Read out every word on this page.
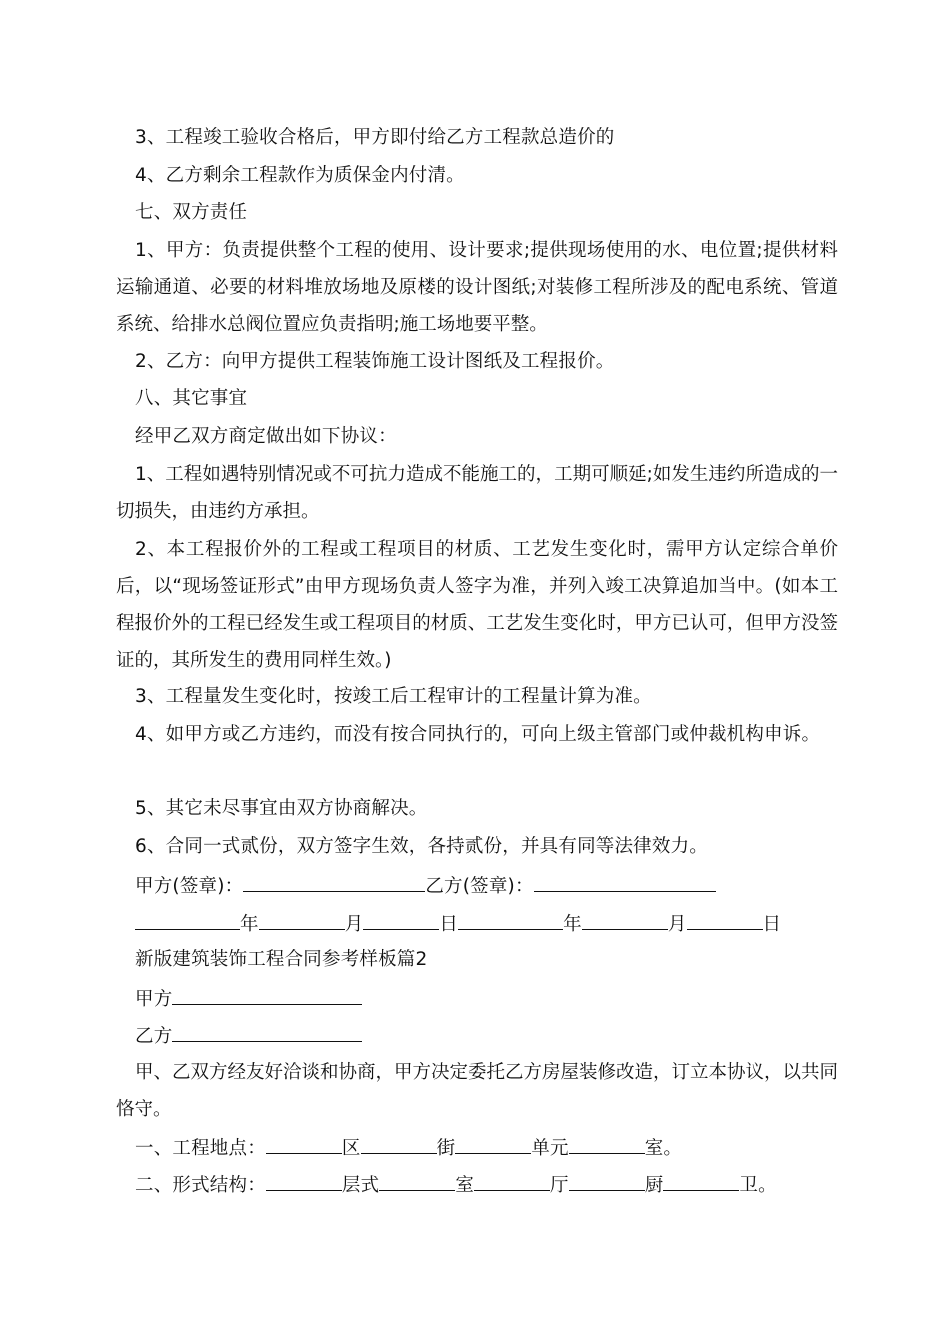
3、工程竣工验收合格后，甲方即付给乙方工程款总造价的
4、乙方剩余工程款作为质保金内付清。
七、双方责任
1、甲方：负责提供整个工程的使用、设计要求;提供现场使用的水、电位置;提供材料运输通道、必要的材料堆放场地及原楼的设计图纸;对装修工程所涉及的配电系统、管道系统、给排水总阀位置应负责指明;施工场地要平整。
2、乙方：向甲方提供工程装饰施工设计图纸及工程报价。
八、其它事宜
经甲乙双方商定做出如下协议：
1、工程如遇特别情况或不可抗力造成不能施工的，工期可顺延;如发生违约所造成的一切损失，由违约方承担。
2、本工程报价外的工程或工程项目的材质、工艺发生变化时，需甲方认定综合单价后，以“现场签证形式”由甲方现场负责人签字为准，并列入竣工决算追加当中。(如本工程报价外的工程已经发生或工程项目的材质、工艺发生变化时，甲方已认可，但甲方没签证的，其所发生的费用同样生效。)
3、工程量发生变化时，按竣工后工程审计的工程量计算为准。
4、如甲方或乙方违约，而没有按合同执行的，可向上级主管部门或仲裁机构申诉。
5、其它未尽事宜由双方协商解决。
6、合同一式贰份，双方签字生效，各持贰份，并具有同等法律效力。
甲方(签章)：	乙方(签章)：
年	月	日	年	月	日
新版建筑装饰工程合同参考样板篇2
甲方
乙方
甲、乙双方经友好洽谈和协商，甲方决定委托乙方房屋装修改造，订立本协议，以共同恪守。
一、工程地点：	区	街	单元	室。
二、形式结构：	层式	室	厅	厨	卫。
